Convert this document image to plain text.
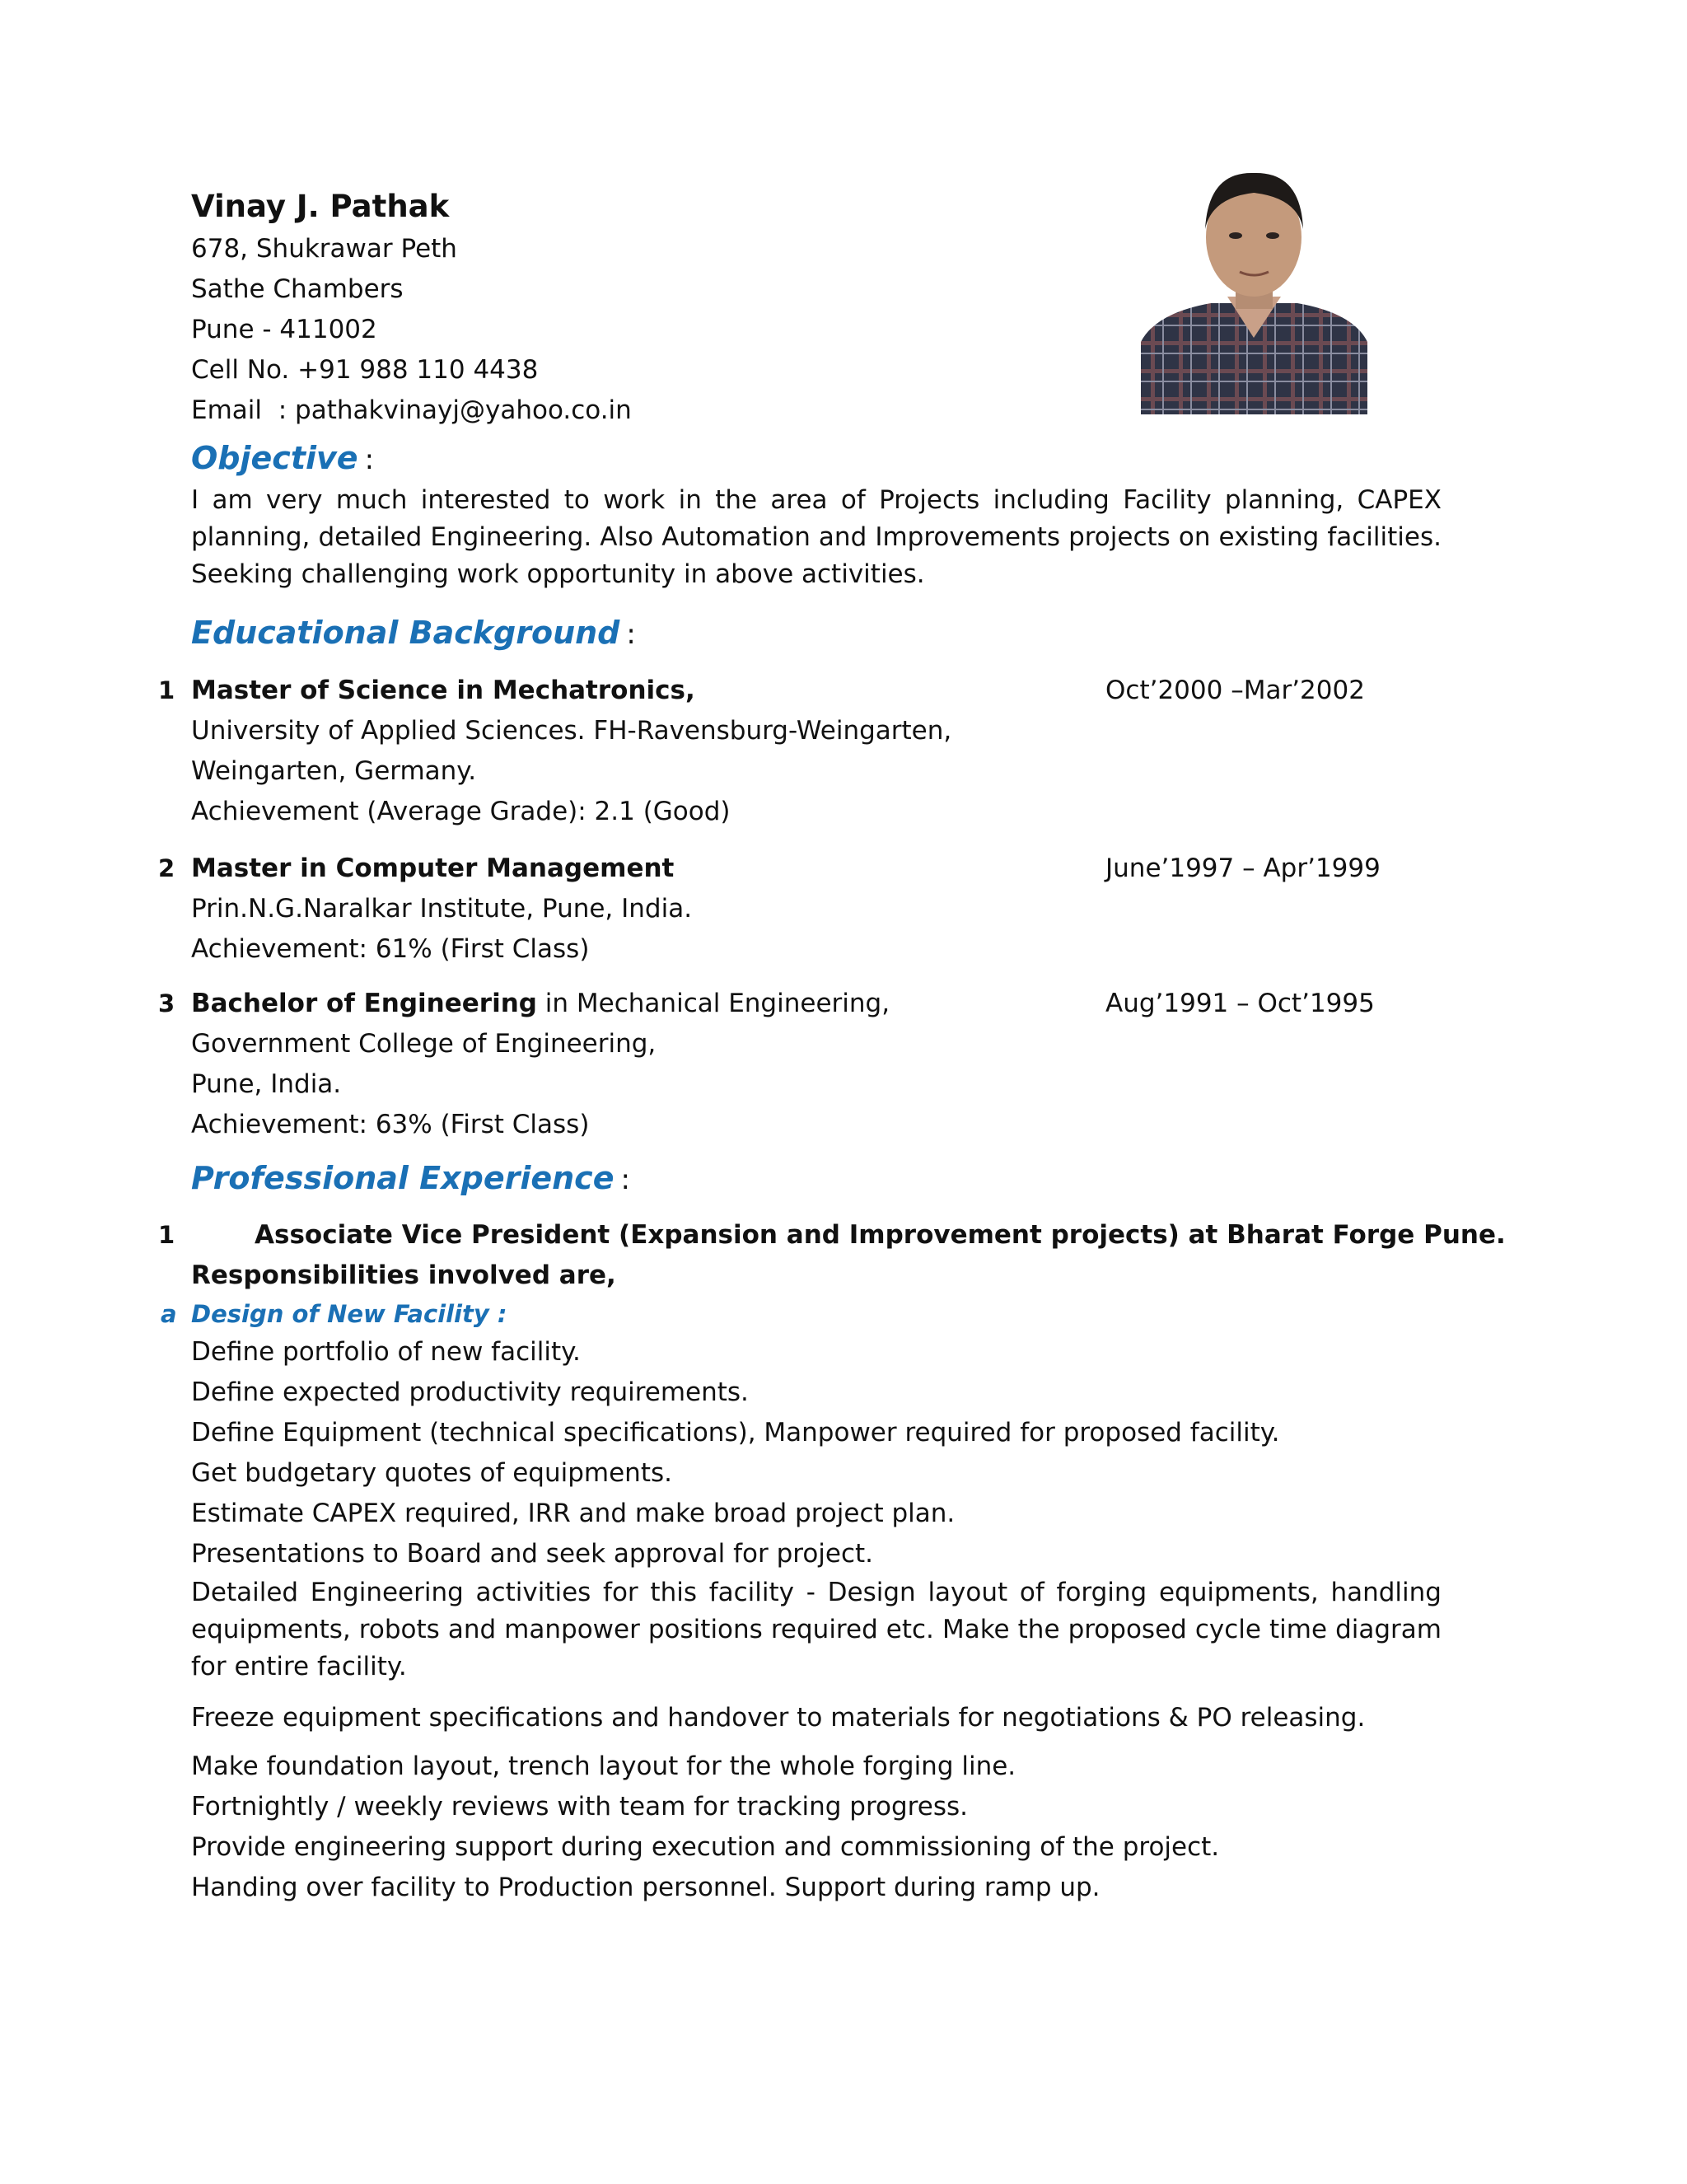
Vinay J. Pathak
678, Shukrawar Peth
Sathe Chambers
Pune - 411002
Cell No. +91 988 110 4438
Email  : pathakvinayj@yahoo.co.in
Objective :
I am very much interested to work in the area of Projects including Facility planning, CAPEX planning, detailed Engineering. Also Automation and Improvements projects on existing facilities. Seeking challenging work opportunity in above activities.
Educational Background :
1 Master of Science in Mechatronics,	Oct’2000 –Mar’2002
University of Applied Sciences. FH-Ravensburg-Weingarten,
Weingarten, Germany.
Achievement (Average Grade): 2.1 (Good)
2 Master in Computer Management	June’1997 – Apr’1999
Prin.N.G.Naralkar Institute, Pune, India.
Achievement: 61% (First Class)
3 Bachelor of Engineering in Mechanical Engineering,	Aug’1991 – Oct’1995
Government College of Engineering,
Pune, India.
Achievement: 63% (First Class)
Professional Experience :
1	Associate Vice President (Expansion and Improvement projects) at Bharat Forge Pune.
Responsibilities involved are,
a Design of New Facility :
Define portfolio of new facility.
Define expected productivity requirements.
Define Equipment (technical specifications), Manpower required for proposed facility.
Get budgetary quotes of equipments.
Estimate CAPEX required, IRR and make broad project plan.
Presentations to Board and seek approval for project.
Detailed Engineering activities for this facility - Design layout of forging equipments, handling equipments, robots and manpower positions required etc. Make the proposed cycle time diagram for entire facility.
Freeze equipment specifications and handover to materials for negotiations & PO releasing.
Make foundation layout, trench layout for the whole forging line.
Fortnightly / weekly reviews with team for tracking progress.
Provide engineering support during execution and commissioning of the project.
Handing over facility to Production personnel. Support during ramp up.
